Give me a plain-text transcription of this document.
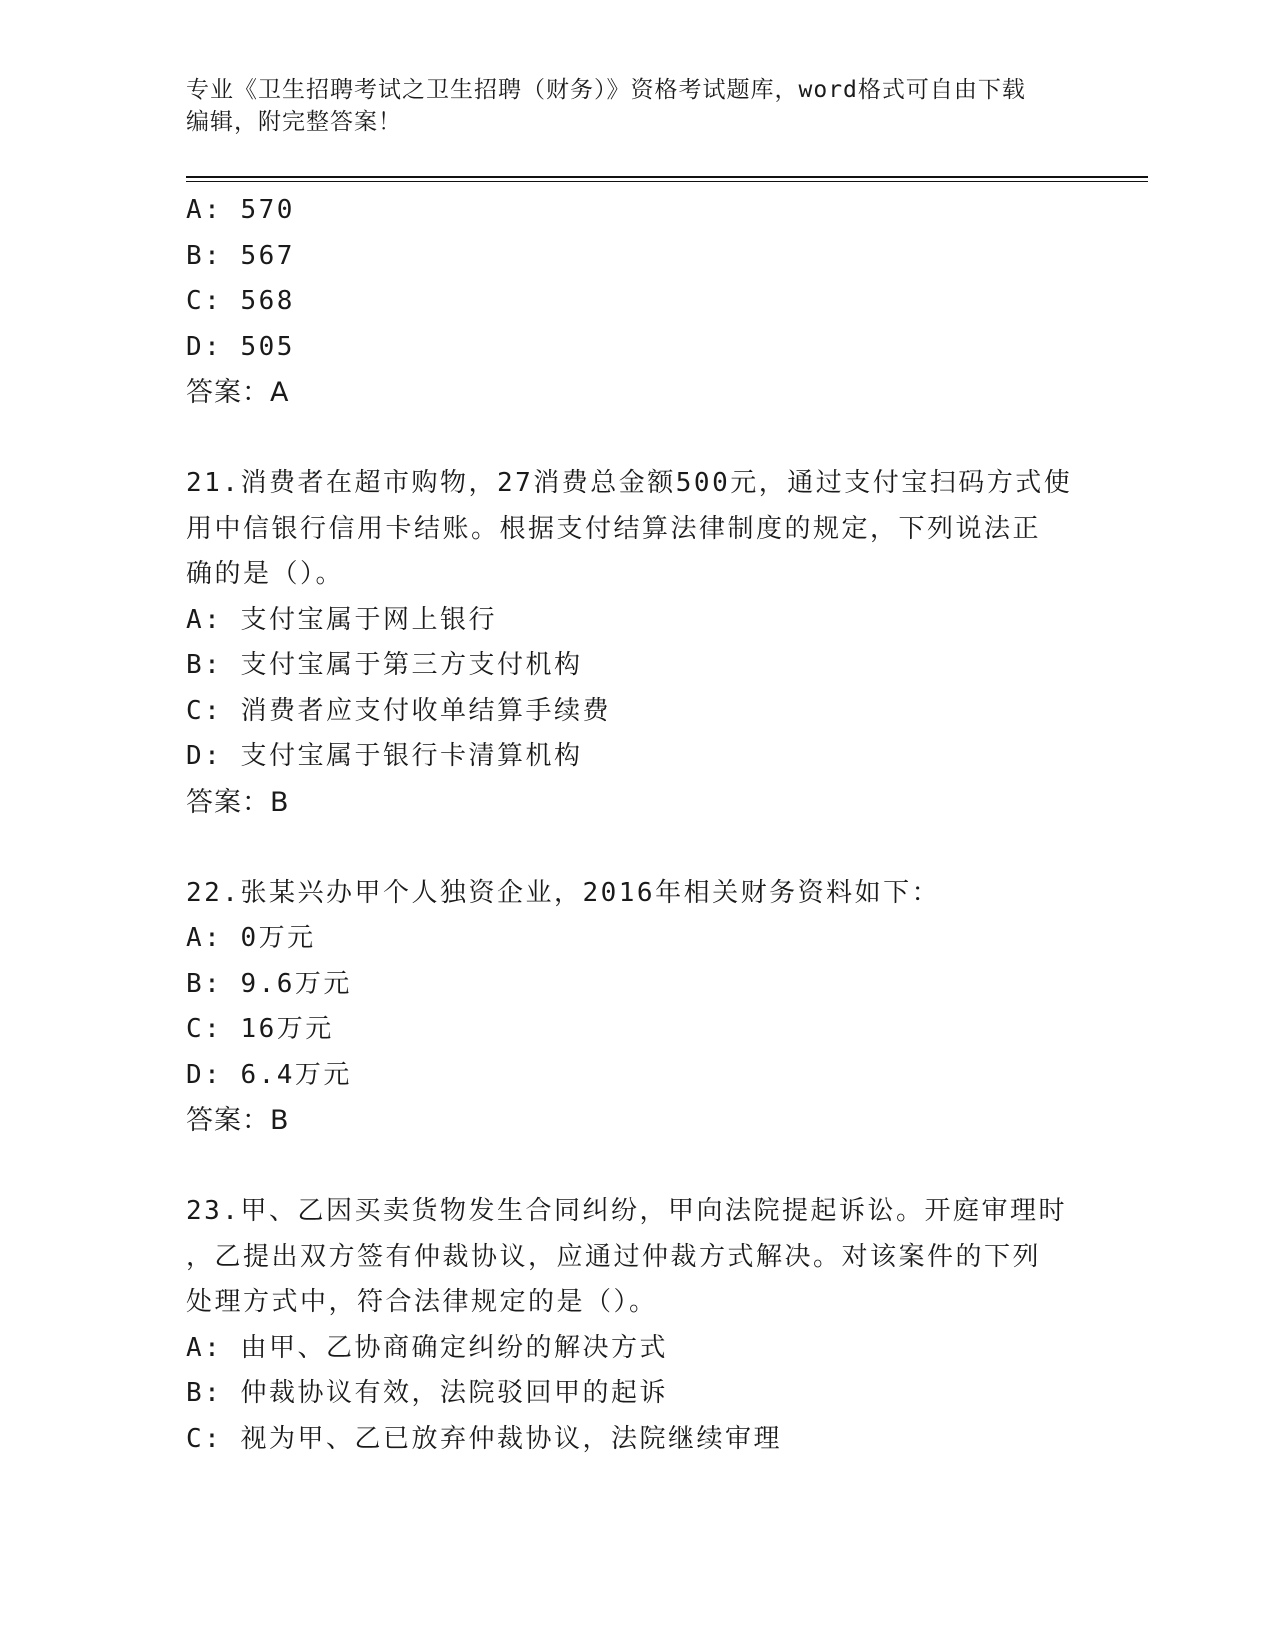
专业《卫生招聘考试之卫生招聘（财务）》资格考试题库，word格式可自由下载
编辑，附完整答案！
A: 570
B: 567
C: 568
D: 505
答案：A
21.消费者在超市购物，27消费总金额500元，通过支付宝扫码方式使
用中信银行信用卡结账。根据支付结算法律制度的规定，下列说法正
确的是（）。
A: 支付宝属于网上银行
B: 支付宝属于第三方支付机构
C: 消费者应支付收单结算手续费
D: 支付宝属于银行卡清算机构
答案：B
22.张某兴办甲个人独资企业，2016年相关财务资料如下：
A: 0万元
B: 9.6万元
C: 16万元
D: 6.4万元
答案：B
23.甲、乙因买卖货物发生合同纠纷，甲向法院提起诉讼。开庭审理时
，乙提出双方签有仲裁协议，应通过仲裁方式解决。对该案件的下列
处理方式中，符合法律规定的是（）。
A: 由甲、乙协商确定纠纷的解决方式
B: 仲裁协议有效，法院驳回甲的起诉
C: 视为甲、乙已放弃仲裁协议，法院继续审理
